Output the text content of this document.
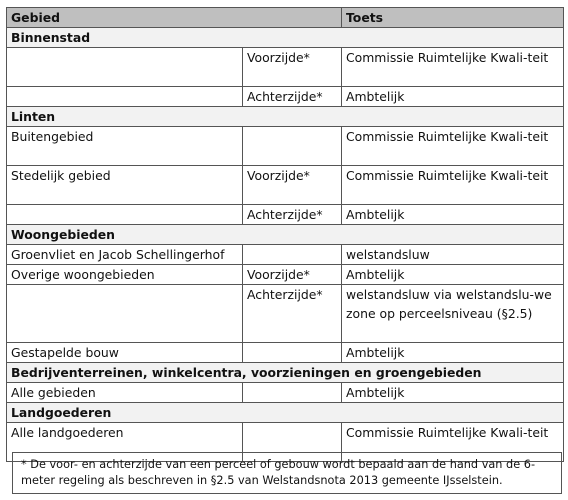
Gebied		Toets
Binnenstad		
	Voorzijde*	Commissie Ruimtelijke Kwali-teit
	Achterzijde*	Ambtelijk
Linten		
Buitengebied		Commissie Ruimtelijke Kwali-teit
Stedelijk gebied	Voorzijde*	Commissie Ruimtelijke Kwali-teit
	Achterzijde*	Ambtelijk
Woongebieden		
Groenvliet en Jacob Schellingerhof		welstandsluw
Overige woongebieden	Voorzijde*	Ambtelijk
	Achterzijde*	welstandsluw via welstandslu-we zone op perceelsniveau (§2.5)
Gestapelde bouw		Ambtelijk
Bedrijventerreinen, winkelcentra, voorzieningen en groengebieden		
Alle gebieden		Ambtelijk
Landgoederen		
Alle landgoederen		Commissie Ruimtelijke Kwali-teit
* De voor- en achterzijde van een perceel of gebouw wordt bepaald aan de hand van de 6-meter regeling als beschreven in §2.5 van Welstandsnota 2013 gemeente IJsselstein.
